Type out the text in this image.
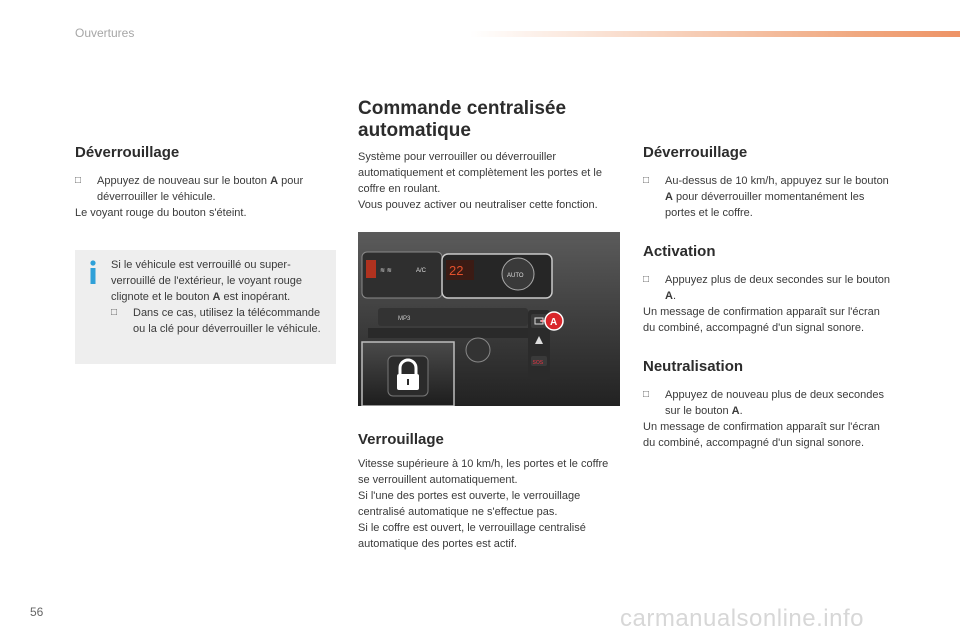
Ouvertures
Déverrouillage
□ Appuyez de nouveau sur le bouton A pour déverrouiller le véhicule.

Le voyant rouge du bouton s'éteint.

Si le véhicule est verrouillé ou super-verrouillé de l'extérieur, le voyant rouge clignote et le bouton A est inopérant.
□ Dans ce cas, utilisez la télécommande ou la clé pour déverrouiller le véhicule.
Commande centralisée
automatique

Système pour verrouiller ou déverrouiller automatiquement et complètement les portes et le coffre en roulant.

Vous pouvez activer ou neutraliser cette fonction.

≋ ≋	A/C 22	AUTO
MP3
SOS
A
Verrouillage

Vitesse supérieure à 10 km/h, les portes et le coffre se verrouillent automatiquement.

Si l'une des portes est ouverte, le verrouillage centralisé automatique ne s'effectue pas.

Si le coffre est ouvert, le verrouillage centralisé automatique des portes est actif.

Déverrouillage
□ Au-dessus de 10 km/h, appuyez sur le bouton A pour déverrouiller momentanément les portes et le coffre.
Activation
□ Appuyez plus de deux secondes sur le bouton A.

Un message de confirmation apparaît sur l'écran du combiné, accompagné d'un signal sonore.

Neutralisation
□ Appuyez de nouveau plus de deux secondes sur le bouton A.

Un message de confirmation apparaît sur l'écran du combiné, accompagné d'un signal sonore.

56	carmanualsonline.info
